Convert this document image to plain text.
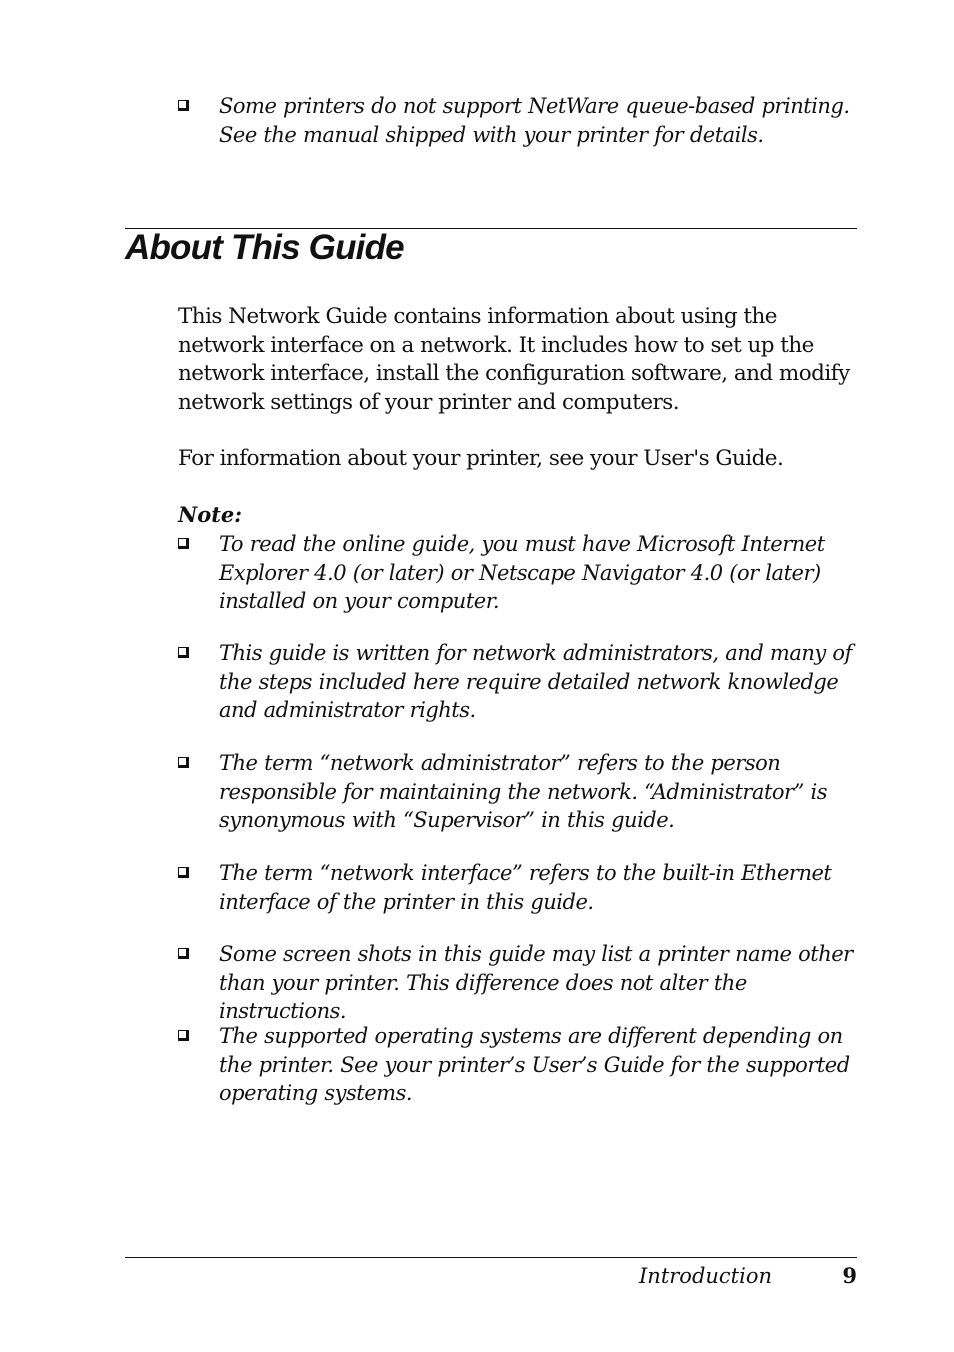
Some printers do not support NetWare queue-based printing. See the manual shipped with your printer for details.
About This Guide

This Network Guide contains information about using the network interface on a network. It includes how to set up the network interface, install the configuration software, and modify network settings of your printer and computers.

For information about your printer, see your User's Guide.

Note:

To read the online guide, you must have Microsoft Internet Explorer 4.0 (or later) or Netscape Navigator 4.0 (or later) installed on your computer.
This guide is written for network administrators, and many of the steps included here require detailed network knowledge and administrator rights.
The term “network administrator” refers to the person responsible for maintaining the network. “Administrator” is synonymous with “Supervisor” in this guide.
The term “network interface” refers to the built-in Ethernet interface of the printer in this guide.
Some screen shots in this guide may list a printer name other than your printer. This difference does not alter the instructions.
The supported operating systems are different depending on the printer. See your printer’s User’s Guide for the supported operating systems.
Introduction	9
